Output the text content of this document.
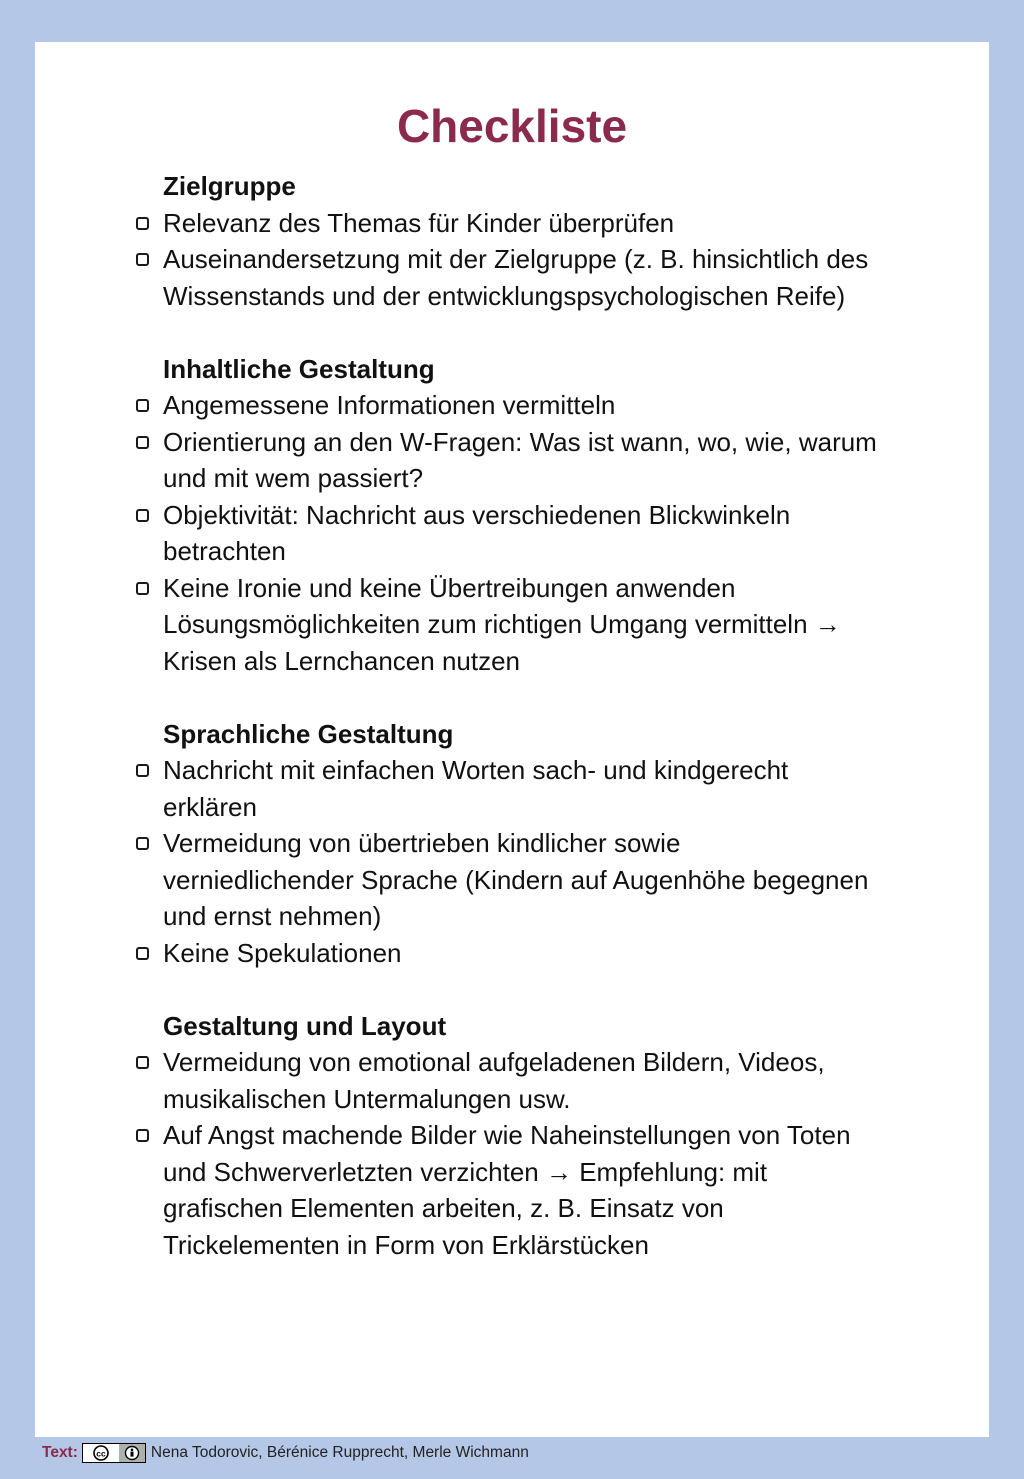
Checkliste
Zielgruppe
Relevanz des Themas für Kinder überprüfen
Auseinandersetzung mit der Zielgruppe (z. B. hinsichtlich des
Wissenstands und der entwicklungspsychologischen Reife)
Inhaltliche Gestaltung
Angemessene Informationen vermitteln
Orientierung an den W-Fragen: Was ist wann, wo, wie, warum
und mit wem passiert?
Objektivität: Nachricht aus verschiedenen Blickwinkeln
betrachten
Keine Ironie und keine Übertreibungen anwenden
Lösungsmöglichkeiten zum richtigen Umgang vermitteln →
Krisen als Lernchancen nutzen
Sprachliche Gestaltung
Nachricht mit einfachen Worten sach- und kindgerecht
erklären
Vermeidung von übertrieben kindlicher sowie
verniedlichender Sprache (Kindern auf Augenhöhe begegnen
und ernst nehmen)
Keine Spekulationen
Gestaltung und Layout
Vermeidung von emotional aufgeladenen Bildern, Videos,
musikalischen Untermalungen usw.
Auf Angst machende Bilder wie Naheinstellungen von Toten
und Schwerverletzten verzichten → Empfehlung: mit
grafischen Elementen arbeiten, z. B. Einsatz von
Trickelementen in Form von Erklärstücken
Text: cc	Nena Todorovic, Bérénice Rupprecht, Merle Wichmann
